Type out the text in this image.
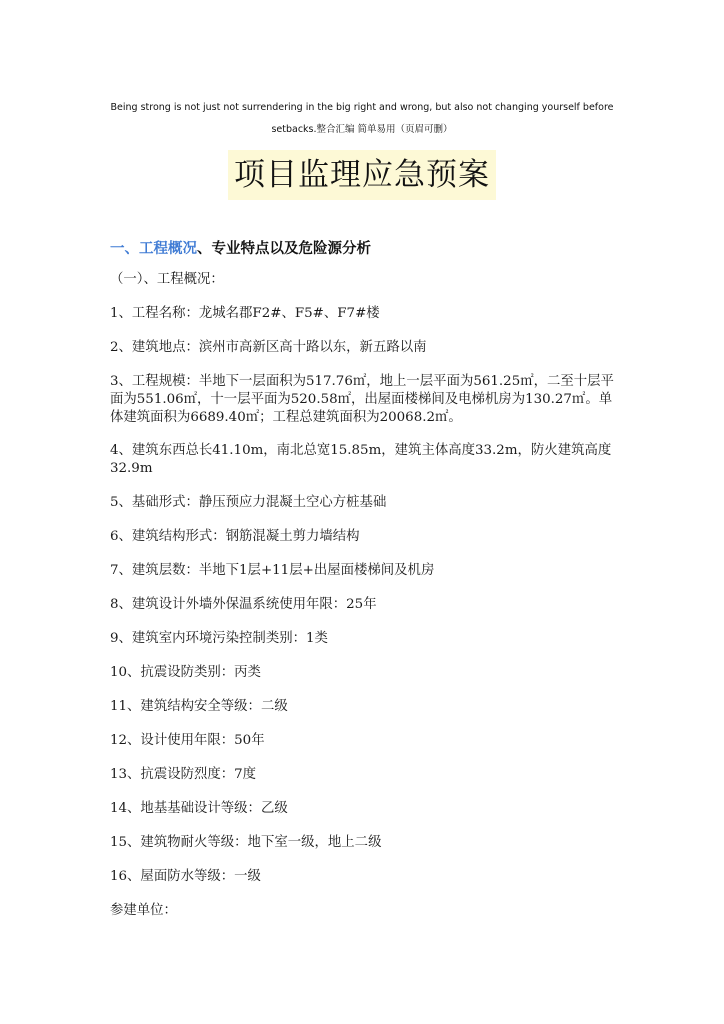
Being strong is not just not surrendering in the big right and wrong, but also not changing yourself before
setbacks.整合汇编 简单易用（页眉可删）
项目监理应急预案
一、工程概况、专业特点以及危险源分析
（一）、工程概况：
1、工程名称：龙城名郡F2#、F5#、F7#楼
2、建筑地点：滨州市高新区高十路以东，新五路以南
3、工程规模：半地下一层面积为517.76㎡，地上一层平面为561.25㎡，二至十层平面为551.06㎡，十一层平面为520.58㎡，出屋面楼梯间及电梯机房为130.27㎡。单体建筑面积为6689.40㎡；工程总建筑面积为20068.2㎡。
4、建筑东西总长41.10m，南北总宽15.85m，建筑主体高度33.2m，防火建筑高度32.9m
5、基础形式：静压预应力混凝土空心方桩基础
6、建筑结构形式：钢筋混凝土剪力墙结构
7、建筑层数：半地下1层+11层+出屋面楼梯间及机房
8、建筑设计外墙外保温系统使用年限：25年
9、建筑室内环境污染控制类别：1类
10、抗震设防类别：丙类
11、建筑结构安全等级：二级
12、设计使用年限：50年
13、抗震设防烈度：7度
14、地基基础设计等级：乙级
15、建筑物耐火等级：地下室一级，地上二级
16、屋面防水等级：一级
参建单位：
